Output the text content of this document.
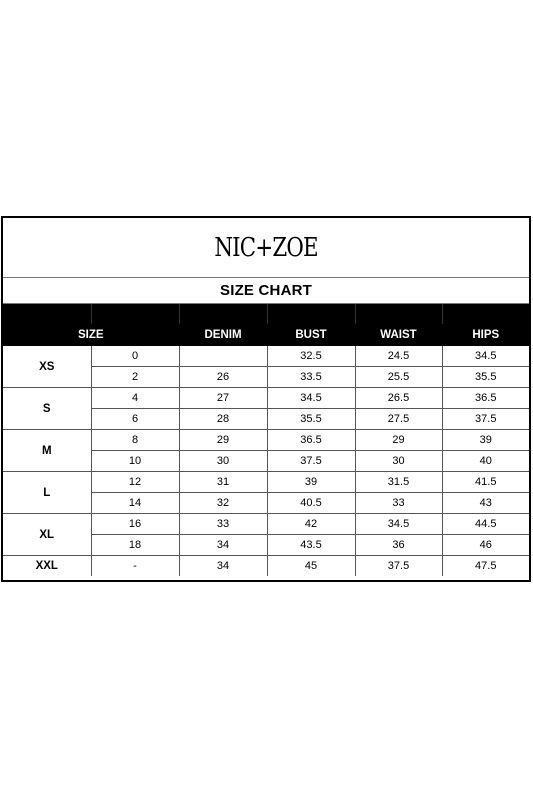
NIC+ZOE
SIZE CHART
SIZE		DENIM	BUST	WAIST	HIPS
XS	0		32.5	24.5	34.5
	2	26	33.5	25.5	35.5
S	4	27	34.5	26.5	36.5
	6	28	35.5	27.5	37.5
M	8	29	36.5	29	39
	10	30	37.5	30	40
L	12	31	39	31.5	41.5
	14	32	40.5	33	43
XL	16	33	42	34.5	44.5
	18	34	43.5	36	46
XXL	-	34	45	37.5	47.5
